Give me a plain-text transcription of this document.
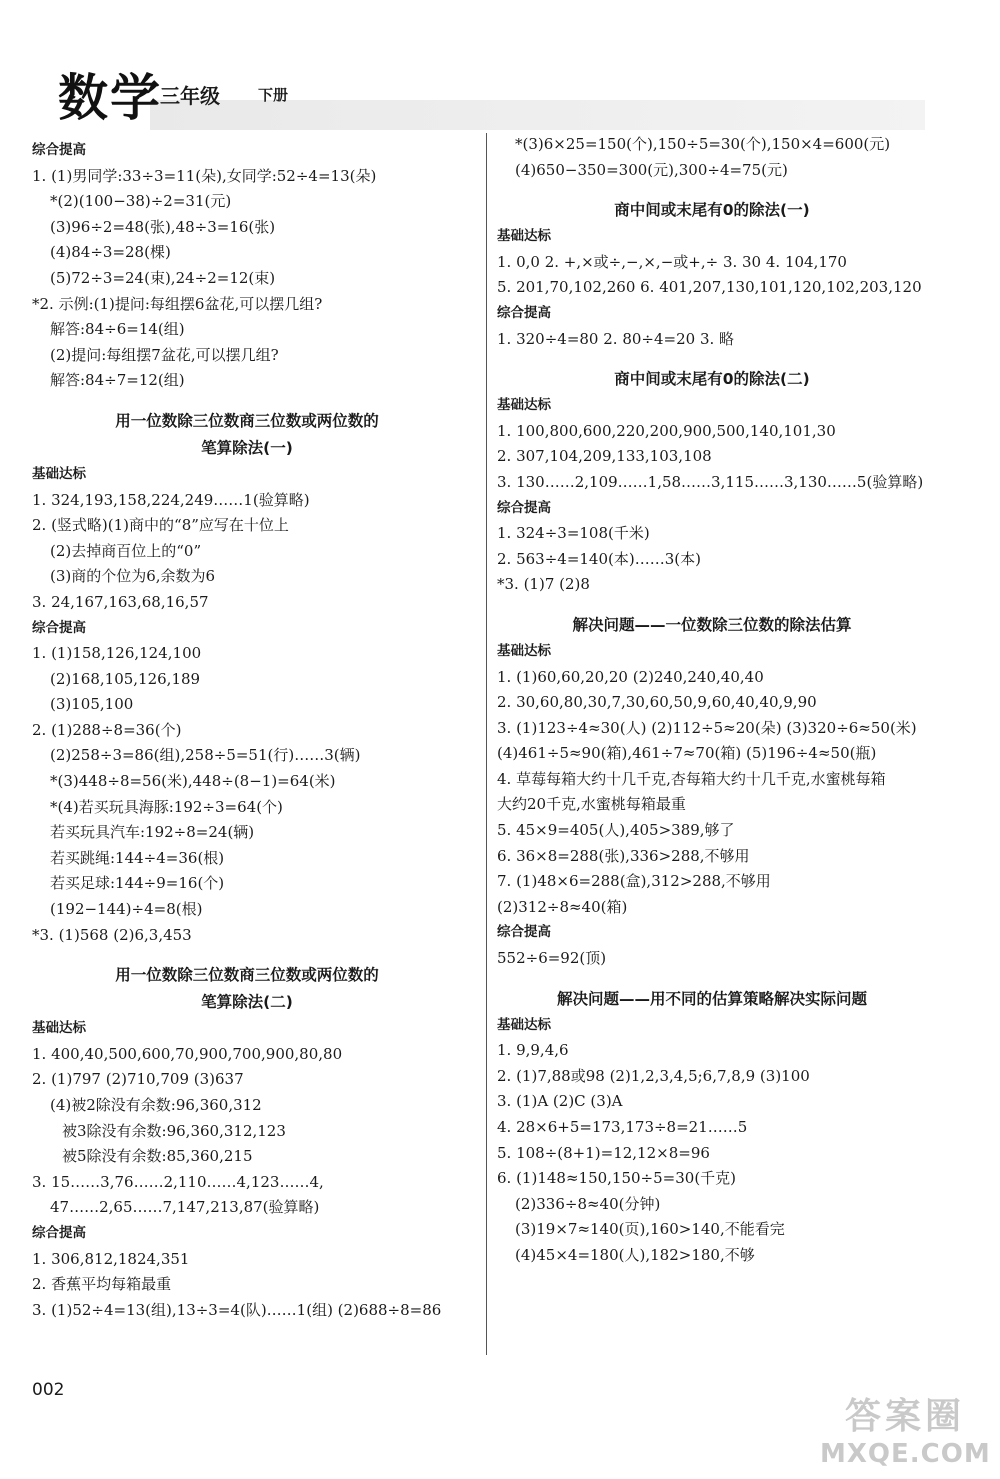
数学
三年级	下册
综合提高
1. (1)男同学:33÷3=11(朵),女同学:52÷4=13(朵)
*(2)(100−38)÷2=31(元)
(3)96÷2=48(张),48÷3=16(张)
(4)84÷3=28(棵)
(5)72÷3=24(束),24÷2=12(束)
*2. 示例:(1)提问:每组摆6盆花,可以摆几组?
解答:84÷6=14(组)
(2)提问:每组摆7盆花,可以摆几组?
解答:84÷7=12(组)
用一位数除三位数商三位数或两位数的
笔算除法(一)
基础达标
1. 324,193,158,224,249……1(验算略)
2. (竖式略)(1)商中的“8”应写在十位上
(2)去掉商百位上的“0”
(3)商的个位为6,余数为6
3. 24,167,163,68,16,57
综合提高
1. (1)158,126,124,100
(2)168,105,126,189
(3)105,100
2. (1)288÷8=36(个)
(2)258÷3=86(组),258÷5=51(行)……3(辆)
*(3)448÷8=56(米),448÷(8−1)=64(米)
*(4)若买玩具海豚:192÷3=64(个)
若买玩具汽车:192÷8=24(辆)
若买跳绳:144÷4=36(根)
若买足球:144÷9=16(个)
(192−144)÷4=8(根)
*3. (1)568 (2)6,3,453
用一位数除三位数商三位数或两位数的
笔算除法(二)
基础达标
1. 400,40,500,600,70,900,700,900,80,80
2. (1)797 (2)710,709 (3)637
(4)被2除没有余数:96,360,312
被3除没有余数:96,360,312,123
被5除没有余数:85,360,215
3. 15……3,76……2,110……4,123……4,
47……2,65……7,147,213,87(验算略)
综合提高
1. 306,812,1824,351
2. 香蕉平均每箱最重
3. (1)52÷4=13(组),13÷3=4(队)……1(组) (2)688÷8=86
*(3)6×25=150(个),150÷5=30(个),150×4=600(元)
(4)650−350=300(元),300÷4=75(元)
商中间或末尾有0的除法(一)
基础达标
1. 0,0 2. +,×或÷,−,×,−或+,÷ 3. 30 4. 104,170
5. 201,70,102,260 6. 401,207,130,101,120,102,203,120
综合提高
1. 320÷4=80 2. 80÷4=20 3. 略
商中间或末尾有0的除法(二)
基础达标
1. 100,800,600,220,200,900,500,140,101,30
2. 307,104,209,133,103,108
3. 130……2,109……1,58……3,115……3,130……5(验算略)
综合提高
1. 324÷3=108(千米)
2. 563÷4=140(本)……3(本)
*3. (1)7 (2)8
解决问题——一位数除三位数的除法估算
基础达标
1. (1)60,60,20,20 (2)240,240,40,40
2. 30,60,80,30,7,30,60,50,9,60,40,40,9,90
3. (1)123÷4≈30(人) (2)112÷5≈20(朵) (3)320÷6≈50(米)
(4)461÷5≈90(箱),461÷7≈70(箱) (5)196÷4≈50(瓶)
4. 草莓每箱大约十几千克,杏每箱大约十几千克,水蜜桃每箱
大约20千克,水蜜桃每箱最重
5. 45×9=405(人),405>389,够了
6. 36×8=288(张),336>288,不够用
7. (1)48×6=288(盒),312>288,不够用
(2)312÷8≈40(箱)
综合提高
552÷6=92(顶)
解决问题——用不同的估算策略解决实际问题
基础达标
1. 9,9,4,6
2. (1)7,88或98 (2)1,2,3,4,5;6,7,8,9 (3)100
3. (1)A (2)C (3)A
4. 28×6+5=173,173÷8=21……5
5. 108÷(8+1)=12,12×8=96
6. (1)148≈150,150÷5=30(千克)
(2)336÷8≈40(分钟)
(3)19×7≈140(页),160>140,不能看完
(4)45×4=180(人),182>180,不够
002
答案圈
MXQE.COM
